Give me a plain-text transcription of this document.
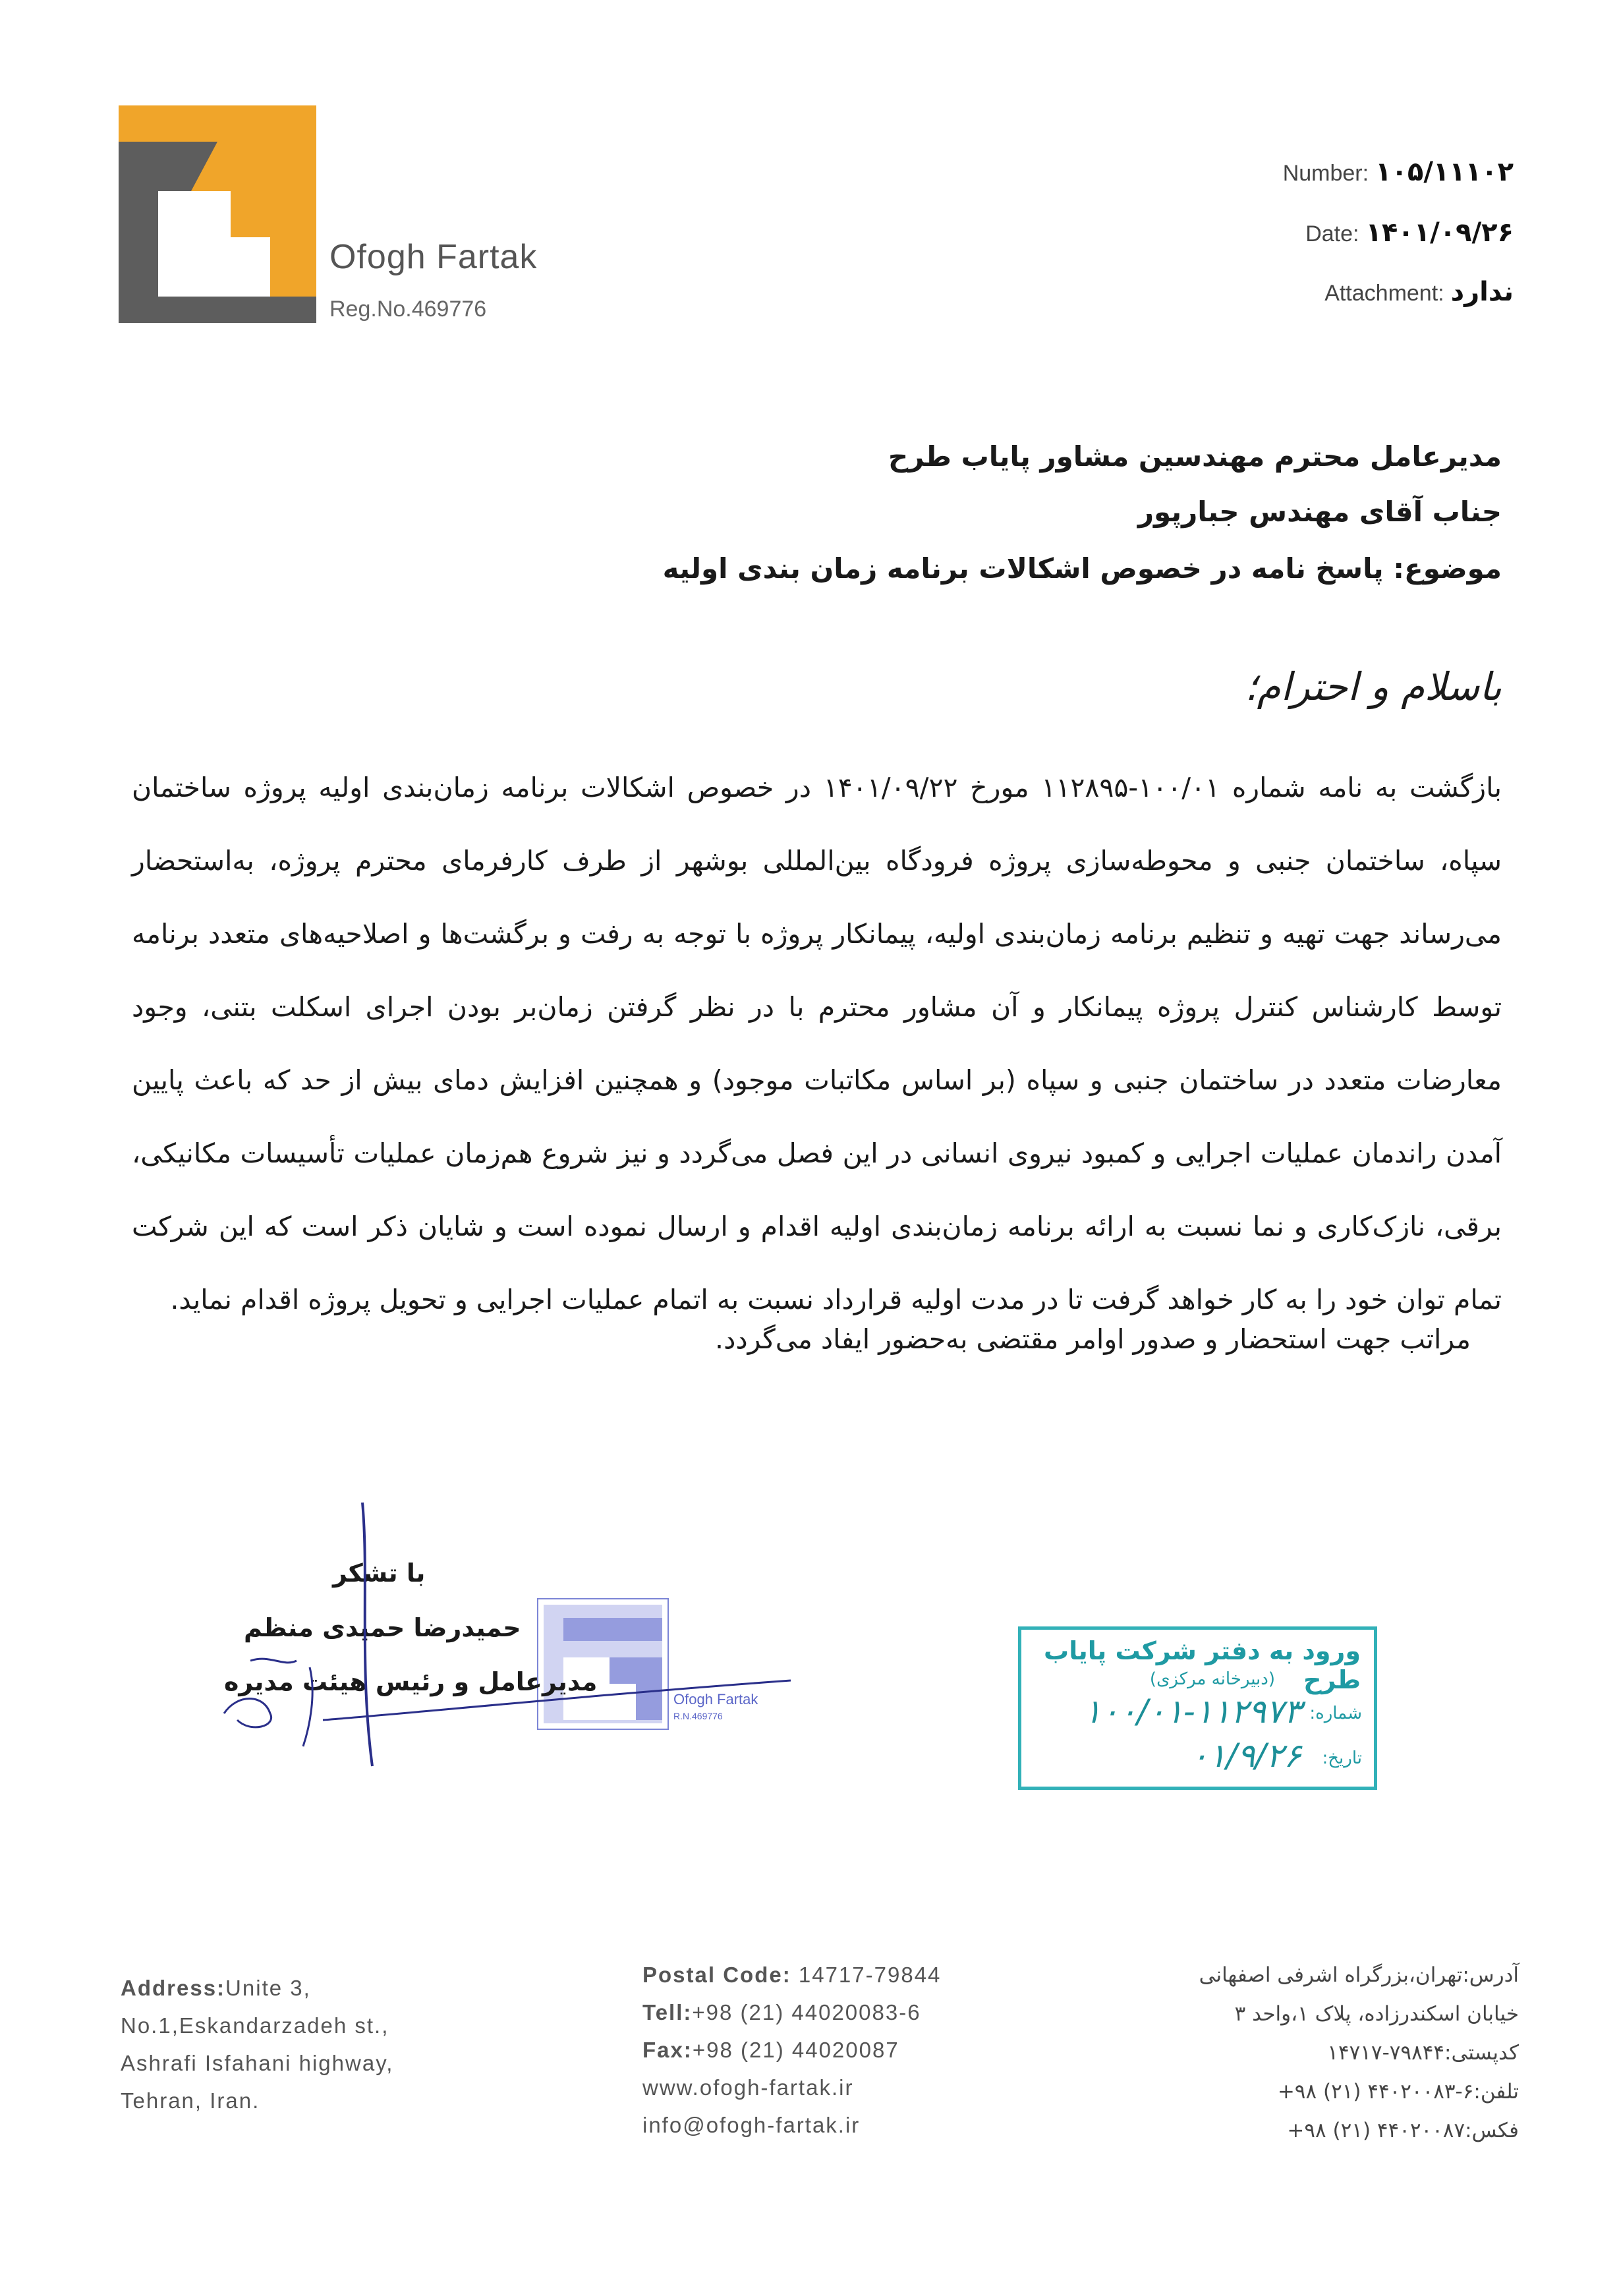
Ofogh Fartak
Reg.No.469776
Number: ۱۰۵/۱۱۱۰۲
Date: ۱۴۰۱/۰۹/۲۶
Attachment: ندارد
مدیرعامل محترم مهندسین مشاور پایاب طرح
جناب آقای مهندس جبارپور
موضوع: پاسخ نامه در خصوص اشکالات برنامه زمان بندی اولیه
باسلام و احترام؛
بازگشت به نامه شماره ۱۰۰/۰۱-۱۱۲۸۹۵ مورخ ۱۴۰۱/۰۹/۲۲ در خصوص اشکالات برنامه زمان‌بندی اولیه پروژه ساختمان سپاه، ساختمان جنبی و محوطه‌سازی پروژه فرودگاه بین‌المللی بوشهر از طرف کارفرمای محترم پروژه، به‌استحضار می‌رساند جهت تهیه و تنظیم برنامه زمان‌بندی اولیه، پیمانکار پروژه با توجه به رفت و برگشت‌ها و اصلاحیه‌های متعدد برنامه توسط کارشناس کنترل پروژه پیمانکار و آن مشاور محترم با در نظر گرفتن زمان‌بر بودن اجرای اسکلت بتنی، وجود معارضات متعدد در ساختمان جنبی و سپاه (بر اساس مکاتبات موجود) و همچنین افزایش دمای بیش از حد که باعث پایین آمدن راندمان عملیات اجرایی و کمبود نیروی انسانی در این فصل می‌گردد و نیز شروع هم‌زمان عملیات تأسیسات مکانیکی، برقی، نازک‌کاری و نما نسبت به ارائه برنامه زمان‌بندی اولیه اقدام و ارسال نموده است و شایان ذکر است که این شرکت تمام توان خود را به کار خواهد گرفت تا در مدت اولیه قرارداد نسبت به اتمام عملیات اجرایی و تحویل پروژه اقدام نماید.
مراتب جهت استحضار و صدور اوامر مقتضی به‌حضور ایفاد می‌گردد.
Ofogh Fartak
R.N.469776
با تشکر
حمیدرضا حمیدی منظم
مدیرعامل و رئیس هیئت مدیره
ورود به دفتر شرکت پایاب طرح
(دبیرخانه مرکزی)
شماره:
۱۰۰/۰۱-۱۱۲۹۷۳
تاریخ:
۰۱/۹/۲۶
Address:Unite 3,
No.1,Eskandarzadeh st.,
Ashrafi Isfahani highway,
Tehran, Iran.
Postal Code: 14717-79844
Tell:+98 (21) 44020083-6
Fax:+98 (21) 44020087
www.ofogh-fartak.ir
info@ofogh-fartak.ir
آدرس:تهران،بزرگراه اشرفی اصفهانی
خیابان اسکندرزاده، پلاک ۱،واحد ۳
کدپستی:۷۹۸۴۴-۱۴۷۱۷
تلفن:۶-۴۴۰۲۰۰۸۳ (۲۱) ۹۸+
فکس:۴۴۰۲۰۰۸۷ (۲۱) ۹۸+
